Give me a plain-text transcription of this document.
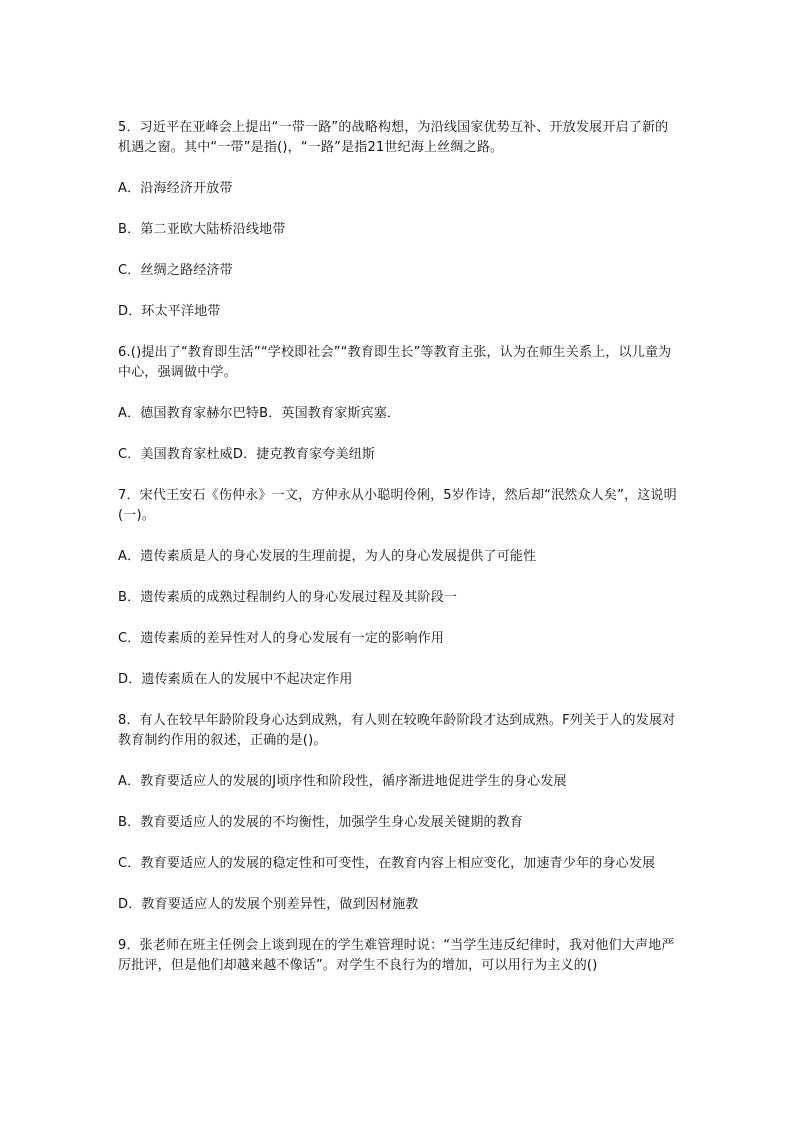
5．习近平在亚峰会上提出“一带一路”的战略构想，为沿线国家优势互补、开放发展开启了新的机遇之窗。其中“一带”是指()，“一路”是指21世纪海上丝绸之路。

A．沿海经济开放带

B．第二亚欧大陆桥沿线地带

C．丝绸之路经济带

D．环太平洋地带

6.()提出了“教育即生活”“学校即社会”“教育即生长”等教育主张，认为在师生关系上，以儿童为中心，强调做中学。

A．德国教育家赫尔巴特B．英国教育家斯宾塞．

C．美国教育家杜威D．捷克教育家夸美纽斯

7．宋代王安石《伤仲永》一文，方仲永从小聪明伶俐，5岁作诗，然后却“泯然众人矣”，这说明(一)。

A．遗传素质是人的身心发展的生理前提，为人的身心发展提供了可能性

B．遗传素质的成熟过程制约人的身心发展过程及其阶段一

C．遗传素质的差异性对人的身心发展有一定的影响作用

D．遗传素质在人的发展中不起决定作用

8．有人在较早年龄阶段身心达到成熟，有人则在较晚年龄阶段才达到成熟。F列关于人的发展对教育制约作用的叙述，正确的是()。

A．教育要适应人的发展的J顷序性和阶段性，循序渐进地促进学生的身心发展

B．教育要适应人的发展的不均衡性，加强学生身心发展关键期的教育

C．教育要适应人的发展的稳定性和可变性，在教育内容上相应变化，加速青少年的身心发展

D．教育要适应人的发展个别差异性，做到因材施教

9．张老师在班主任例会上谈到现在的学生难管理时说：“当学生违反纪律时，我对他们大声地严厉批评，但是他们却越来越不像话”。对学生不良行为的增加，可以用行为主义的()
